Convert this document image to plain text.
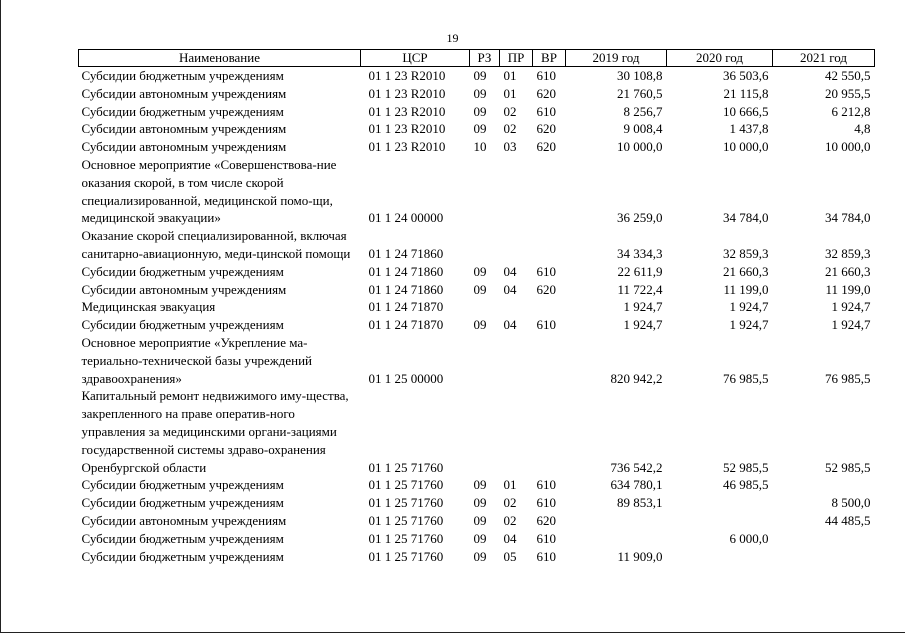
19
Наименование	ЦСР	РЗ	ПР	ВР	2019 год	2020 год	2021 год
Субсидии бюджетным учреждениям	01 1 23 R2010	09	01	610	30 108,8	36 503,6	42 550,5
Субсидии автономным учреждениям	01 1 23 R2010	09	01	620	21 760,5	21 115,8	20 955,5
Субсидии бюджетным учреждениям	01 1 23 R2010	09	02	610	8 256,7	10 666,5	6 212,8
Субсидии автономным учреждениям	01 1 23 R2010	09	02	620	9 008,4	1 437,8	4,8
Субсидии автономным учреждениям	01 1 23 R2010	10	03	620	10 000,0	10 000,0	10 000,0
Основное мероприятие «Совершенствова-ние оказания скорой, в том числе скорой специализированной, медицинской помо-щи, медицинской эвакуации»	01 1 24 00000				36 259,0	34 784,0	34 784,0
Оказание скорой специализированной, включая санитарно-авиационную, меди-цинской помощи	01 1 24 71860				34 334,3	32 859,3	32 859,3
Субсидии бюджетным учреждениям	01 1 24 71860	09	04	610	22 611,9	21 660,3	21 660,3
Субсидии автономным учреждениям	01 1 24 71860	09	04	620	11 722,4	11 199,0	11 199,0
Медицинская эвакуация	01 1 24 71870				1 924,7	1 924,7	1 924,7
Субсидии бюджетным учреждениям	01 1 24 71870	09	04	610	1 924,7	1 924,7	1 924,7
Основное мероприятие «Укрепление ма-териально-технической базы учреждений здравоохранения»	01 1 25 00000				820 942,2	76 985,5	76 985,5
Капитальный ремонт недвижимого иму-щества, закрепленного на праве оператив-ного управления за медицинскими органи-зациями государственной системы здраво-охранения Оренбургской области	01 1 25 71760				736 542,2	52 985,5	52 985,5
Субсидии бюджетным учреждениям	01 1 25 71760	09	01	610	634 780,1	46 985,5	
Субсидии бюджетным учреждениям	01 1 25 71760	09	02	610	89 853,1		8 500,0
Субсидии автономным учреждениям	01 1 25 71760	09	02	620			44 485,5
Субсидии бюджетным учреждениям	01 1 25 71760	09	04	610		6 000,0	
Субсидии бюджетным учреждениям	01 1 25 71760	09	05	610	11 909,0		
